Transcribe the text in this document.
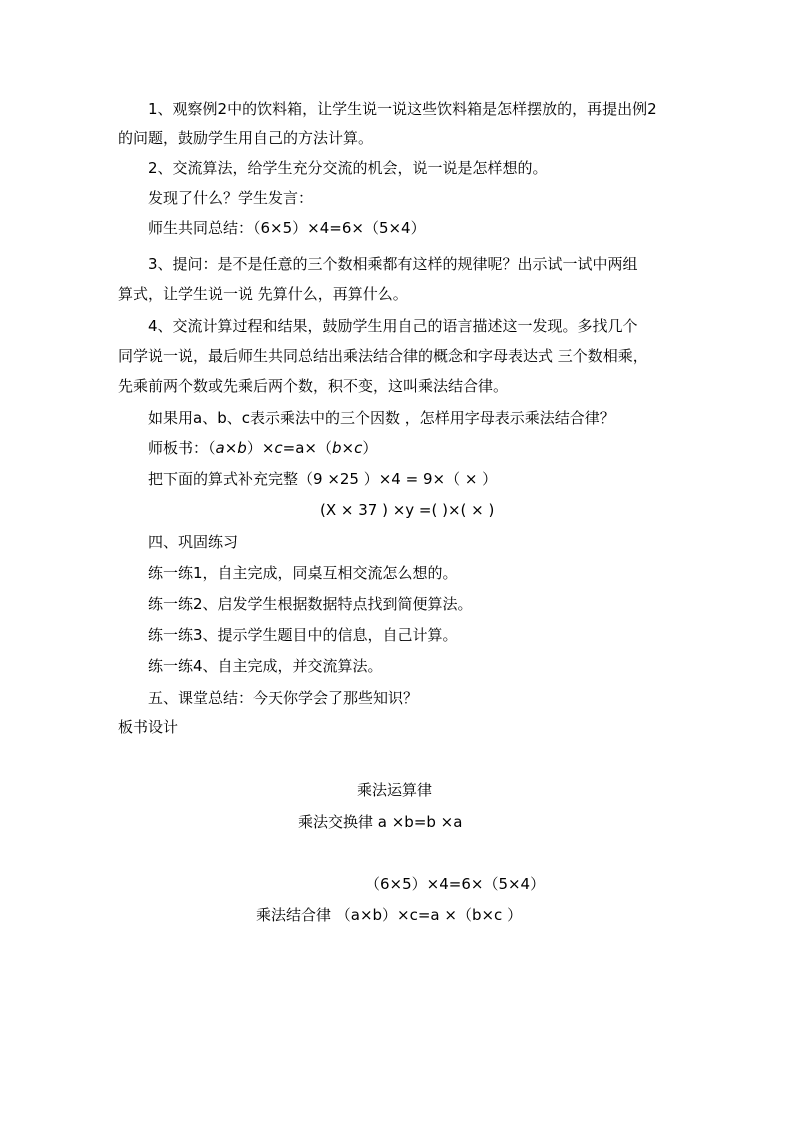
1、观察例2中的饮料箱，让学生说一说这些饮料箱是怎样摆放的，再提出例2
的问题，鼓励学生用自己的方法计算。
2、交流算法，给学生充分交流的机会，说一说是怎样想的。
发现了什么？学生发言：
师生共同总结：（6×5）×4=6×（5×4）
3、提问：是不是任意的三个数相乘都有这样的规律呢？出示试一试中两组
算式，让学生说一说 先算什么，再算什么。
4、交流计算过程和结果，鼓励学生用自己的语言描述这一发现。多找几个
同学说一说，最后师生共同总结出乘法结合律的概念和字母表达式 三个数相乘，
先乘前两个数或先乘后两个数，积不变，这叫乘法结合律。
如果用a、b、c表示乘法中的三个因数 ，怎样用字母表示乘法结合律？
师板书：（a×b）×c=a×（b×c）
把下面的算式补充完整（9 ×25 ）×4 = 9×（ × ）
(X × 37 ) ×y =( )×( × )
四、巩固练习
练一练1，自主完成，同桌互相交流怎么想的。
练一练2、启发学生根据数据特点找到简便算法。
练一练3、提示学生题目中的信息，自己计算。
练一练4、自主完成，并交流算法。
五、课堂总结：今天你学会了那些知识？
板书设计
乘法运算律
乘法交换律 a ×b=b ×a
（6×5）×4=6×（5×4）
乘法结合律 （a×b）×c=a ×（b×c ）
